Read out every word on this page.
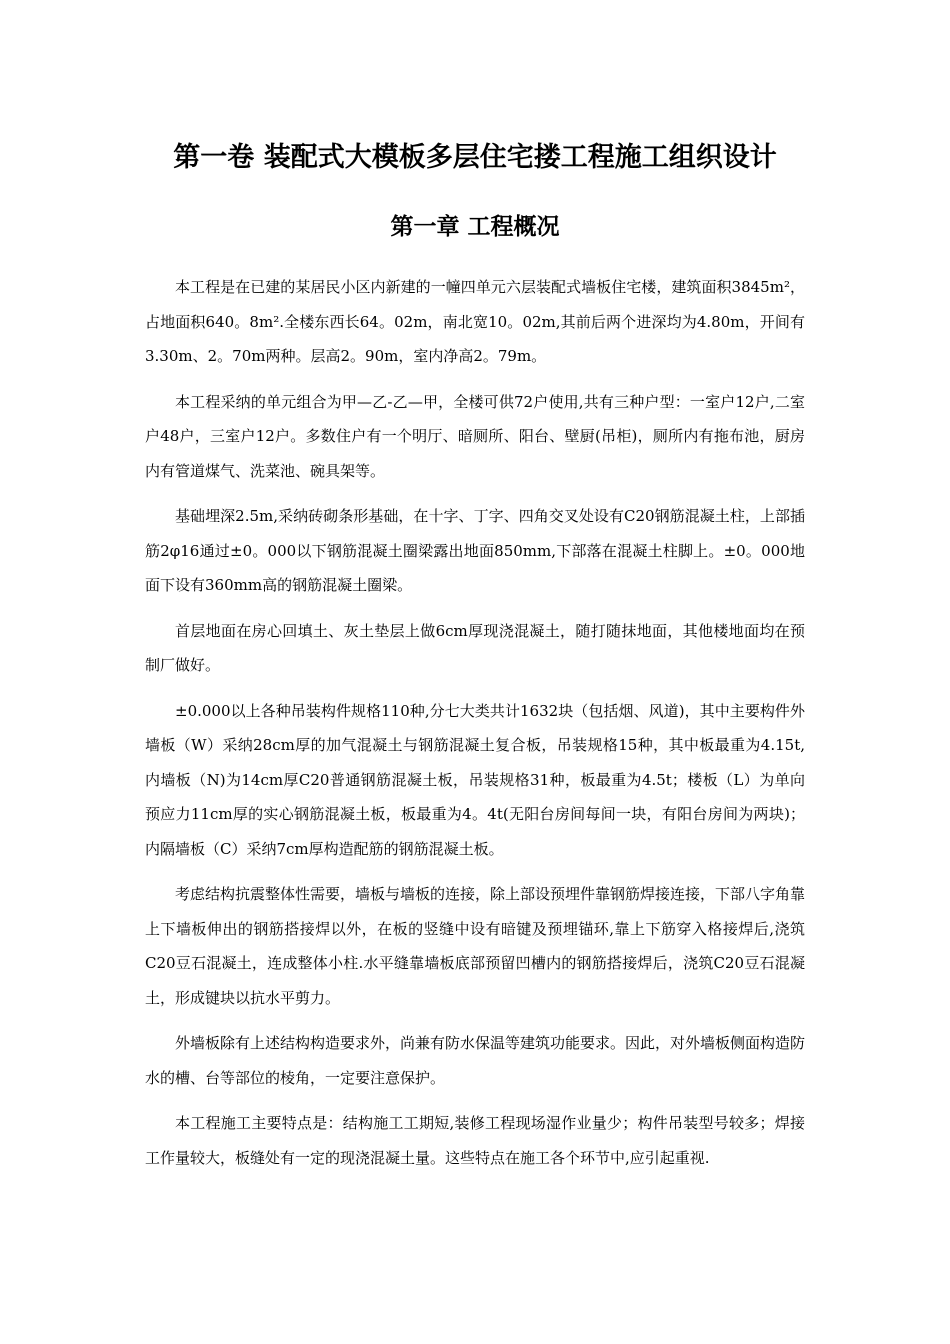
第一卷 装配式大模板多层住宅搂工程施工组织设计
第一章 工程概况

本工程是在已建的某居民小区内新建的一幢四单元六层装配式墙板住宅楼，建筑面积3845m²，占地面积640。8m².全楼东西长64。02m，南北宽10。02m,其前后两个进深均为4.80m，开间有3.30m、2。70m两种。层高2。90m，室内净高2。79m。

本工程采纳的单元组合为甲—乙-乙—甲，全楼可供72户使用,共有三种户型：一室户12户,二室户48户，三室户12户。多数住户有一个明厅、暗厕所、阳台、壁厨(吊柜)，厕所内有拖布池，厨房内有管道煤气、洗菜池、碗具架等。

基础埋深2.5m,采纳砖砌条形基础，在十字、丁字、四角交叉处设有C20钢筋混凝土柱，上部插筋2φ16通过±0。000以下钢筋混凝土圈梁露出地面850mm,下部落在混凝土柱脚上。±0。000地面下设有360mm高的钢筋混凝土圈梁。

首层地面在房心回填土、灰土垫层上做6cm厚现浇混凝土，随打随抹地面，其他楼地面均在预制厂做好。

±0.000以上各种吊装构件规格110种,分七大类共计1632块（包括烟、风道)，其中主要构件外墙板（W）采纳28cm厚的加气混凝土与钢筋混凝土复合板，吊装规格15种，其中板最重为4.15t,内墙板（N)为14cm厚C20普通钢筋混凝土板，吊装规格31种，板最重为4.5t；楼板（L）为单向预应力11cm厚的实心钢筋混凝土板，板最重为4。4t(无阳台房间每间一块，有阳台房间为两块)；内隔墙板（C）采纳7cm厚构造配筋的钢筋混凝土板。

考虑结构抗震整体性需要，墙板与墙板的连接，除上部设预埋件靠钢筋焊接连接，下部八字角靠上下墙板伸出的钢筋搭接焊以外，在板的竖缝中设有暗键及预埋锚环,靠上下筋穿入格接焊后,浇筑C20豆石混凝土，连成整体小柱.水平缝靠墙板底部预留凹槽内的钢筋搭接焊后，浇筑C20豆石混凝土，形成键块以抗水平剪力。

外墙板除有上述结构构造要求外，尚兼有防水保温等建筑功能要求。因此，对外墙板侧面构造防水的槽、台等部位的棱角，一定要注意保护。

本工程施工主要特点是：结构施工工期短,装修工程现场湿作业量少；构件吊装型号较多；焊接工作量较大，板缝处有一定的现浇混凝土量。这些特点在施工各个环节中,应引起重视.
